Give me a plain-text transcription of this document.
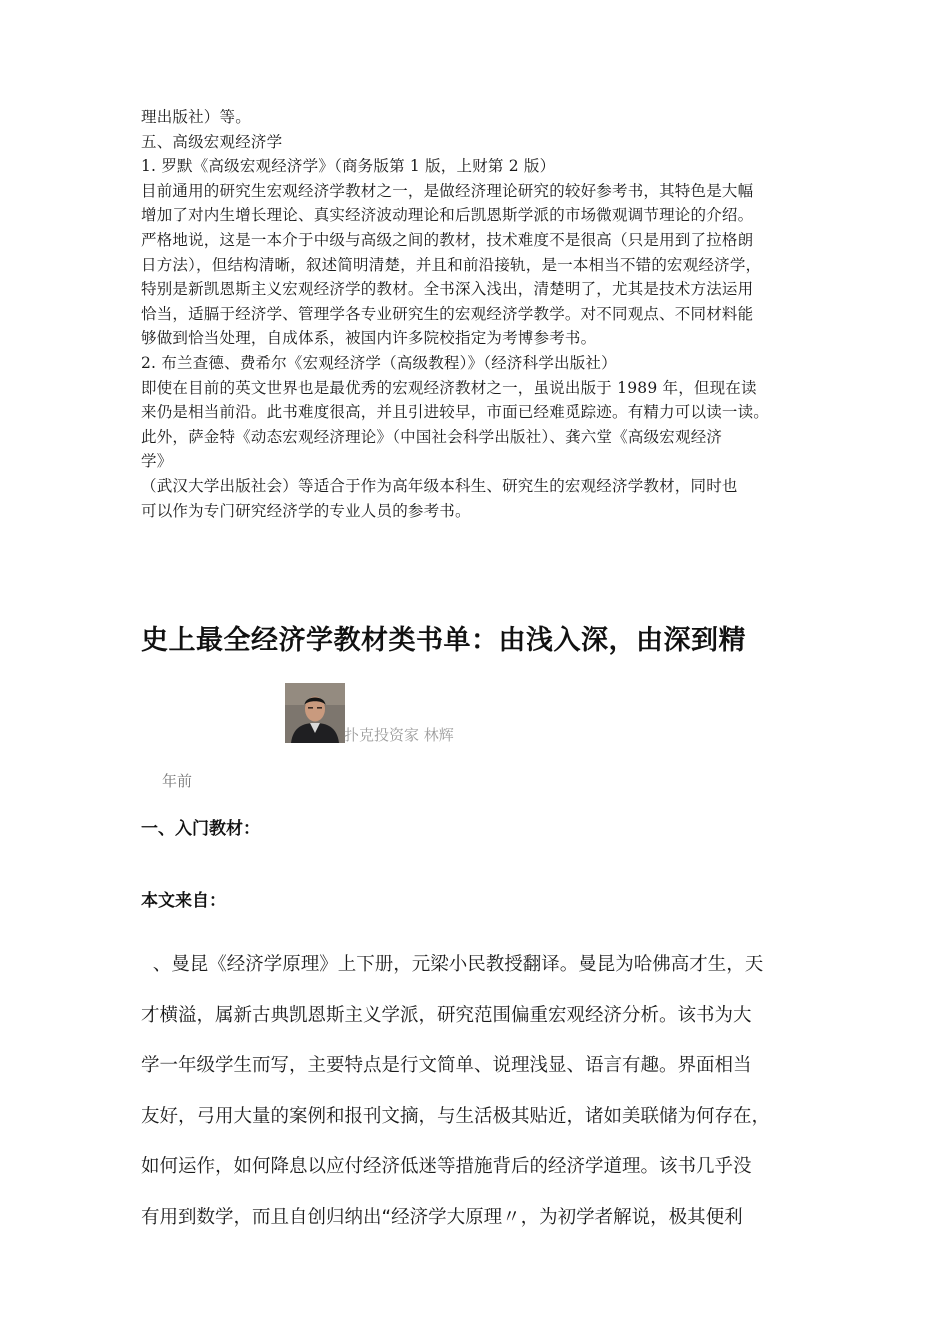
理出版社）等。
五、高级宏观经济学
1. 罗默《高级宏观经济学》（商务版第 1 版，上财第 2 版）
目前通用的研究生宏观经济学教材之一，是做经济理论研究的较好参考书，其特色是大幅
增加了对内生增长理论、真实经济波动理论和后凯恩斯学派的市场微观调节理论的介绍。
严格地说，这是一本介于中级与高级之间的教材，技术难度不是很高（只是用到了拉格朗
日方法），但结构清晰，叙述简明清楚，并且和前沿接轨，是一本相当不错的宏观经济学，
特别是新凯恩斯主义宏观经济学的教材。全书深入浅出，清楚明了，尤其是技术方法运用
恰当，适膈于经济学、管理学各专业研究生的宏观经济学教学。对不同观点、不同材料能
够做到恰当处理，自成体系，被国内许多院校指定为考博参考书。
2. 布兰查德、费希尔《宏观经济学（高级教程）》（经济科学出版社）
即使在目前的英文世界也是最优秀的宏观经济教材之一，虽说出版于 1989 年，但现在读
来仍是相当前沿。此书难度很高，并且引进较早，市面已经难觅踪迹。有精力可以读一读。
此外，萨金特《动态宏观经济理论》（中国社会科学出版社）、龚六堂《高级宏观经济
学》
（武汉大学出版社会）等适合于作为高年级本科生、研究生的宏观经济学教材，同时也
可以作为专门研究经济学的专业人员的参考书。
史上最全经济学教材类书单：由浅入深，由深到精
扑克投资家 林辉
年前
一、入门教材：
本文来自：
、曼昆《经济学原理》上下册，元梁小民教授翻译。曼昆为哈佛高才生，天
才横溢，属新古典凯恩斯主义学派，研究范围偏重宏观经济分析。该书为大
学一年级学生而写，主要特点是行文简单、说理浅显、语言有趣。界面相当
友好，弓用大量的案例和报刊文摘，与生活极其贴近，诸如美联储为何存在，
如何运作，如何降息以应付经济低迷等措施背后的经济学道理。该书几乎没
有用到数学，而且自创归纳出“经济学大原理〃，为初学者解说，极其便利
